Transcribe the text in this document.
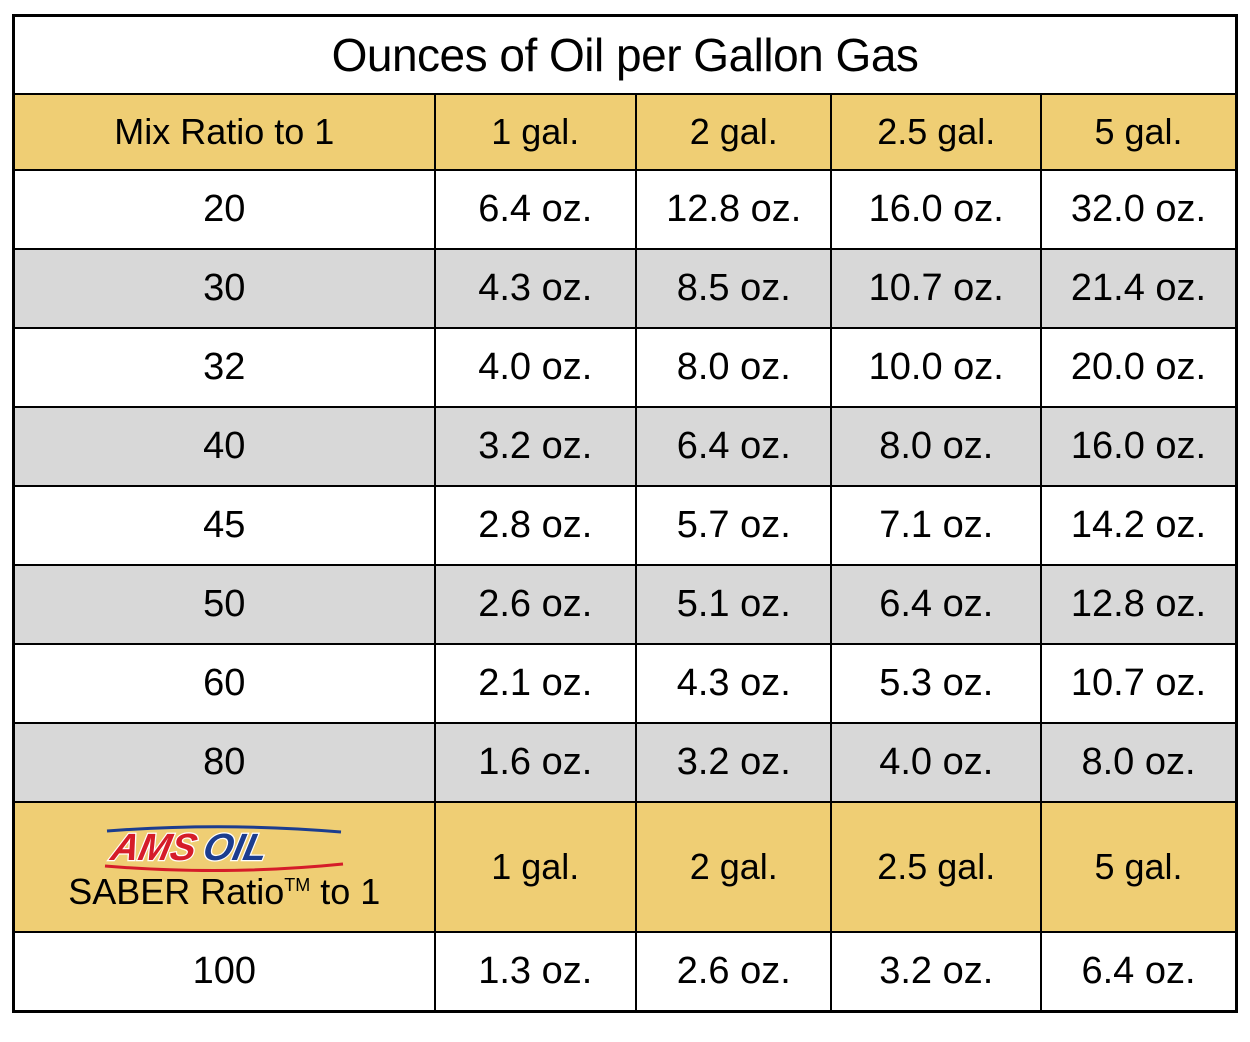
Ounces of Oil per Gallon Gas				
Mix Ratio to 1	1 gal.	2 gal.	2.5 gal.	5 gal.
20	6.4 oz.	12.8 oz.	16.0 oz.	32.0 oz.
30	4.3 oz.	8.5 oz.	10.7 oz.	21.4 oz.
32	4.0 oz.	8.0 oz.	10.0 oz.	20.0 oz.
40	3.2 oz.	6.4 oz.	8.0 oz.	16.0 oz.
45	2.8 oz.	5.7 oz.	7.1 oz.	14.2 oz.
50	2.6 oz.	5.1 oz.	6.4 oz.	12.8 oz.
60	2.1 oz.	4.3 oz.	5.3 oz.	10.7 oz.
80	1.6 oz.	3.2 oz.	4.0 oz.	8.0 oz.

AMS
OIL
SABER Ratio™ to 1	1 gal.	2 gal.	2.5 gal.	5 gal.
100	1.3 oz.	2.6 oz.	3.2 oz.	6.4 oz.
